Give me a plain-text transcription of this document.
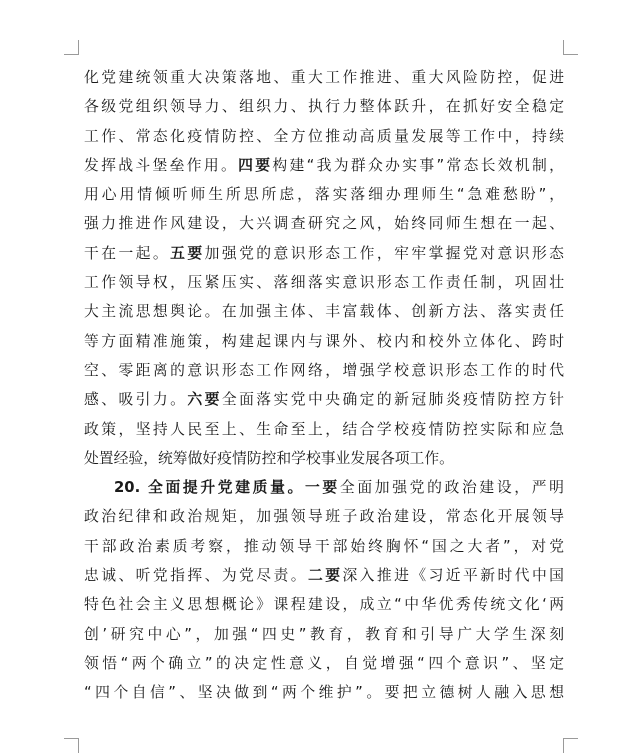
化党建统领重大决策落地、重大工作推进、重大风险防控，促进
各级党组织领导力、组织力、执行力整体跃升，在抓好安全稳定
工作、常态化疫情防控、全方位推动高质量发展等工作中，持续
发挥战斗堡垒作用。四要构建“我为群众办实事”常态长效机制，
用心用情倾听师生所思所虑，落实落细办理师生“急难愁盼”，
强力推进作风建设，大兴调查研究之风，始终同师生想在一起、
干在一起。五要加强党的意识形态工作，牢牢掌握党对意识形态
工作领导权，压紧压实、落细落实意识形态工作责任制，巩固壮
大主流思想舆论。在加强主体、丰富载体、创新方法、落实责任
等方面精准施策，构建起课内与课外、校内和校外立体化、跨时
空、零距离的意识形态工作网络，增强学校意识形态工作的时代
感、吸引力。六要全面落实党中央确定的新冠肺炎疫情防控方针
政策，坚持人民至上、生命至上，结合学校疫情防控实际和应急
处置经验，统筹做好疫情防控和学校事业发展各项工作。
20. 全面提升党建质量。一要全面加强党的政治建设，严明
政治纪律和政治规矩，加强领导班子政治建设，常态化开展领导
干部政治素质考察，推动领导干部始终胸怀“国之大者”，对党
忠诚、听党指挥、为党尽责。二要深入推进《习近平新时代中国
特色社会主义思想概论》课程建设，成立“中华优秀传统文化‘两
创’研究中心”，加强“四史”教育，教育和引导广大学生深刻
领悟“两个确立”的决定性意义，自觉增强“四个意识”、坚定
“四个自信”、坚决做到“两个维护”。要把立德树人融入思想
